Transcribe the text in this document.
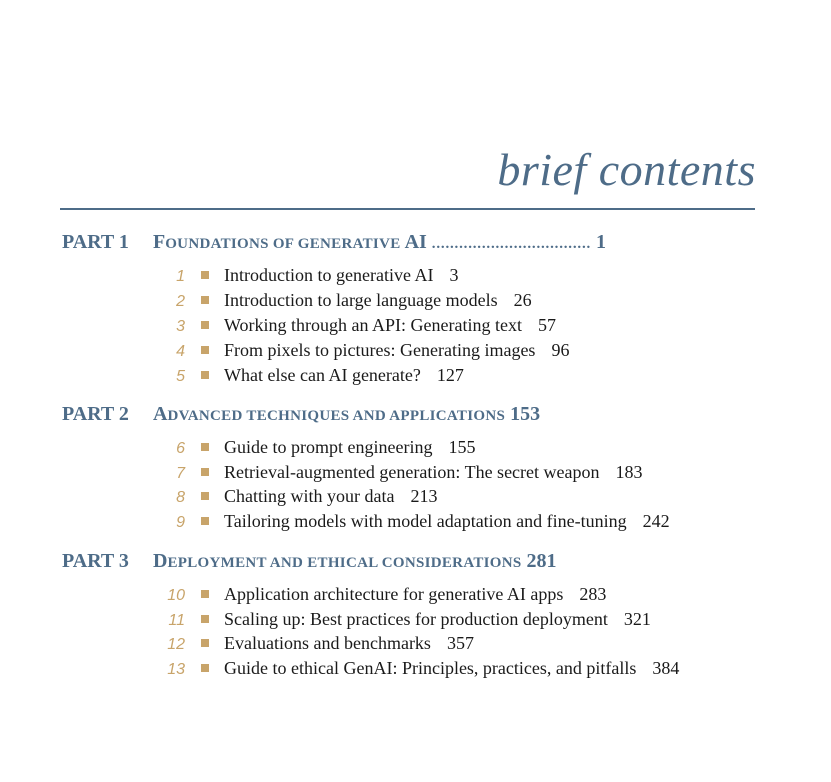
brief contents
PART 1 FOUNDATIONS OF GENERATIVE AI ................................... 1
1 Introduction to generative AI 3
2 Introduction to large language models 26
3 Working through an API: Generating text 57
4 From pixels to pictures: Generating images 96
5 What else can AI generate? 127
PART 2 ADVANCED TECHNIQUES AND APPLICATIONS 153
6 Guide to prompt engineering 155
7 Retrieval-augmented generation: The secret weapon 183
8 Chatting with your data 213
9 Tailoring models with model adaptation and fine-tuning 242
PART 3 DEPLOYMENT AND ETHICAL CONSIDERATIONS 281
10 Application architecture for generative AI apps 283
11 Scaling up: Best practices for production deployment 321
12 Evaluations and benchmarks 357
13 Guide to ethical GenAI: Principles, practices, and pitfalls 384
